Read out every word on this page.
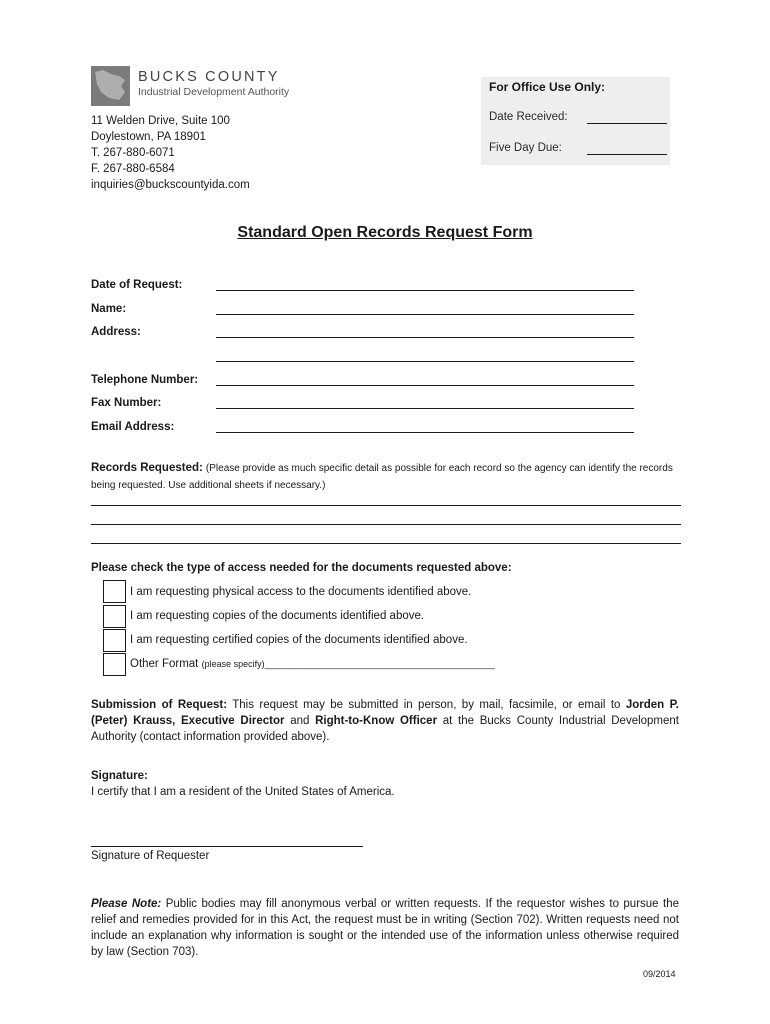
BUCKS COUNTY
Industrial Development Authority	For Office Use Only:
Date Received:
Five Day Due:
11 Welden Drive, Suite 100
Doylestown, PA 18901
T. 267-880-6071
F. 267-880-6584
inquiries@buckscountyida.com
Standard Open Records Request Form
Date of Request:
Name:
Address:
Telephone Number:
Fax Number:
Email Address:
Records Requested: (Please provide as much specific detail as possible for each record so the agency can identify the records being requested. Use additional sheets if necessary.)
Please check the type of access needed for the documents requested above:
I am requesting physical access to the documents identified above.
I am requesting copies of the documents identified above.
I am requesting certified copies of the documents identified above.
Other Format (please specify)______________________________________________
Submission of Request: This request may be submitted in person, by mail, facsimile, or email to Jorden P. (Peter) Krauss, Executive Director and Right-to-Know Officer at the Bucks County Industrial Development Authority (contact information provided above).
Signature:
I certify that I am a resident of the United States of America.
Signature of Requester
Please Note: Public bodies may fill anonymous verbal or written requests. If the requestor wishes to pursue the relief and remedies provided for in this Act, the request must be in writing (Section 702). Written requests need not include an explanation why information is sought or the intended use of the information unless otherwise required by law (Section 703).
09/2014
